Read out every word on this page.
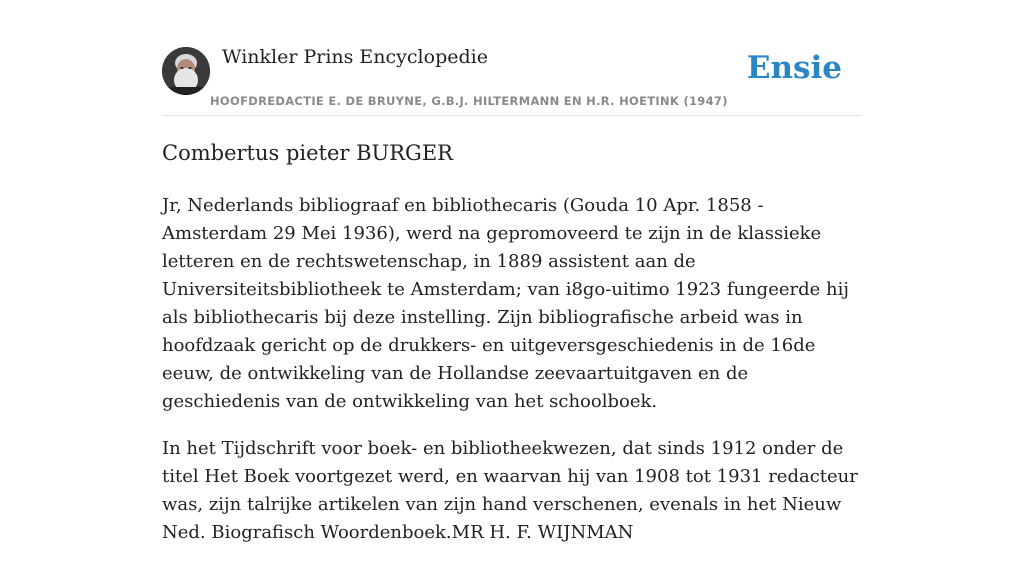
Winkler Prins Encyclopedie
HOOFDREDACTIE E. DE BRUYNE, G.B.J. HILTERMANN EN H.R. HOETINK (1947)
Ensie
Combertus pieter BURGER

Jr, Nederlands bibliograaf en bibliothecaris (Gouda 10 Apr. 1858 -Amsterdam 29 Mei 1936), werd na gepromoveerd te zijn in de klassieke letteren en de rechtswetenschap, in 1889 assistent aan de Universiteitsbibliotheek te Amsterdam; van i8go-uitimo 1923 fungeerde hij als bibliothecaris bij deze instelling. Zijn bibliografische arbeid was in hoofdzaak gericht op de drukkers- en uitgeversgeschiedenis in de 16de eeuw, de ontwikkeling van de Hollandse zeevaartuitgaven en de geschiedenis van de ontwikkeling van het schoolboek.

In het Tijdschrift voor boek- en bibliotheekwezen, dat sinds 1912 onder de titel Het Boek voortgezet werd, en waarvan hij van 1908 tot 1931 redacteur was, zijn talrijke artikelen van zijn hand verschenen, evenals in het Nieuw Ned. Biografisch Woordenboek.MR H. F. WIJNMAN
